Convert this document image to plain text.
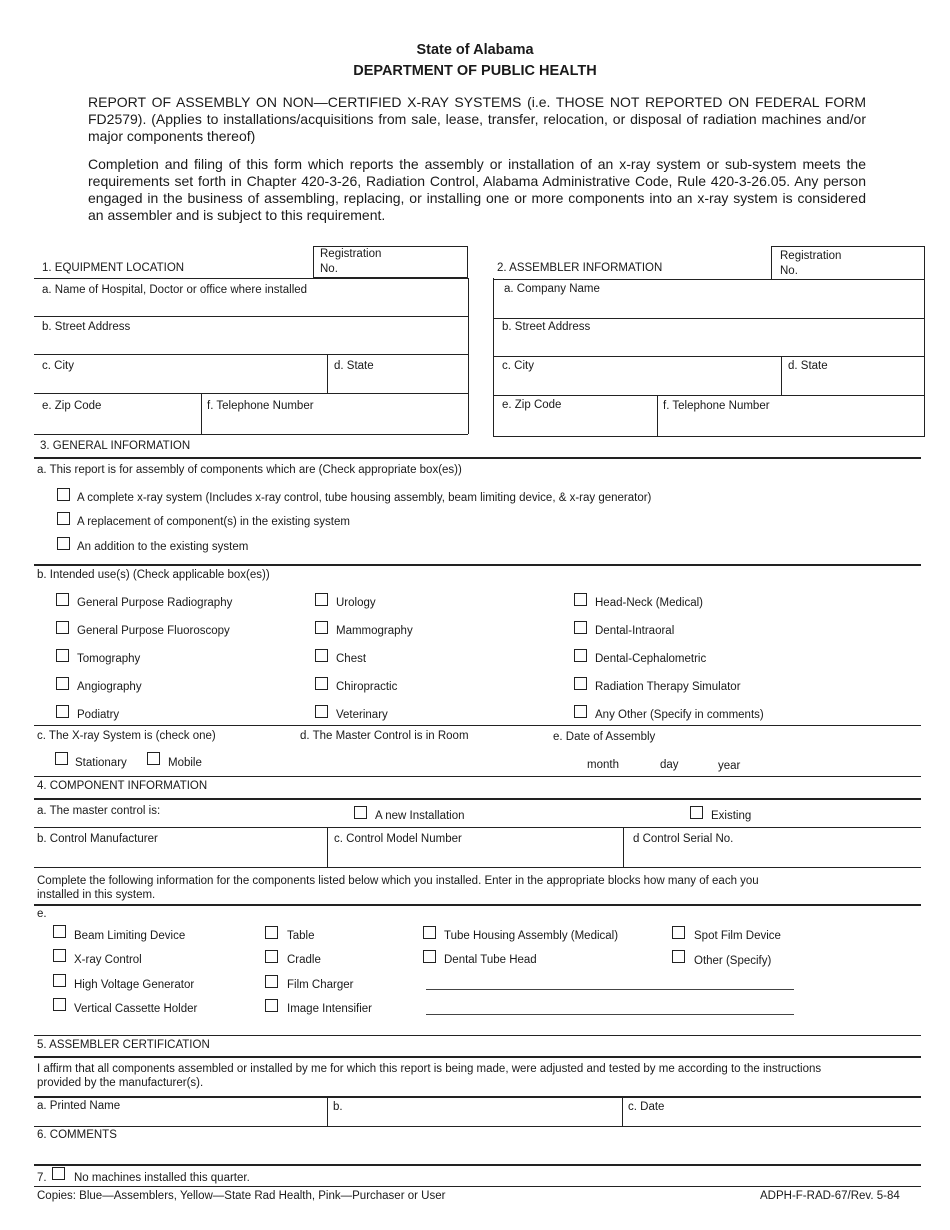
State of Alabama
DEPARTMENT OF PUBLIC HEALTH
REPORT OF ASSEMBLY ON NON—CERTIFIED X-RAY SYSTEMS (i.e. THOSE NOT REPORTED ON FEDERAL FORM FD2579). (Applies to installations/acquisitions from sale, lease, transfer, relocation, or disposal of radiation machines and/or major components thereof)
Completion and filing of this form which reports the assembly or installation of an x-ray system or sub-system meets the requirements set forth in Chapter 420-3-26, Radiation Control, Alabama Administrative Code, Rule 420-3-26.05. Any person engaged in the business of assembling, replacing, or installing one or more components into an x-ray system is considered an assembler and is subject to this requirement.
1. EQUIPMENT LOCATION
Registration
No.
a. Name of Hospital, Doctor or office where installed
b. Street Address
c. City	d. State
e. Zip Code	f. Telephone Number
2. ASSEMBLER INFORMATION
Registration
No.
a. Company Name
b. Street Address
c. City	d. State
e. Zip Code	f. Telephone Number
3. GENERAL INFORMATION
a. This report is for assembly of components which are (Check appropriate box(es))
A complete x-ray system (Includes x-ray control, tube housing assembly, beam limiting device, & x-ray generator)
A replacement of component(s) in the existing system
An addition to the existing system
b. Intended use(s) (Check applicable box(es))
General Purpose Radiography
General Purpose Fluoroscopy
Tomography
Angiography
Podiatry
Urology
Mammography
Chest
Chiropractic
Veterinary
Head-Neck (Medical)
Dental-Intraoral
Dental-Cephalometric
Radiation Therapy Simulator
Any Other (Specify in comments)
c. The X-ray System is (check one)	d. The Master Control is in Room	e. Date of Assembly
Stationary	Mobile	month	day	year
4. COMPONENT INFORMATION
a. The master control is:	A new Installation	Existing
b. Control Manufacturer	c. Control Model Number	d Control Serial No.
Complete the following information for the components listed below which you installed. Enter in the appropriate blocks how many of each you installed in this system.
e.
Beam Limiting Device
X-ray Control
High Voltage Generator
Vertical Cassette Holder
Table
Cradle
Film Charger
Image Intensifier
Tube Housing Assembly (Medical)
Dental Tube Head
Spot Film Device
Other (Specify)
5. ASSEMBLER CERTIFICATION
I affirm that all components assembled or installed by me for which this report is being made, were adjusted and tested by me according to the instructions provided by the manufacturer(s).
a. Printed Name	b.	c. Date
6. COMMENTS
7. No machines installed this quarter.
Copies: Blue—Assemblers, Yellow—State Rad Health, Pink—Purchaser or User	ADPH-F-RAD-67/Rev. 5-84
